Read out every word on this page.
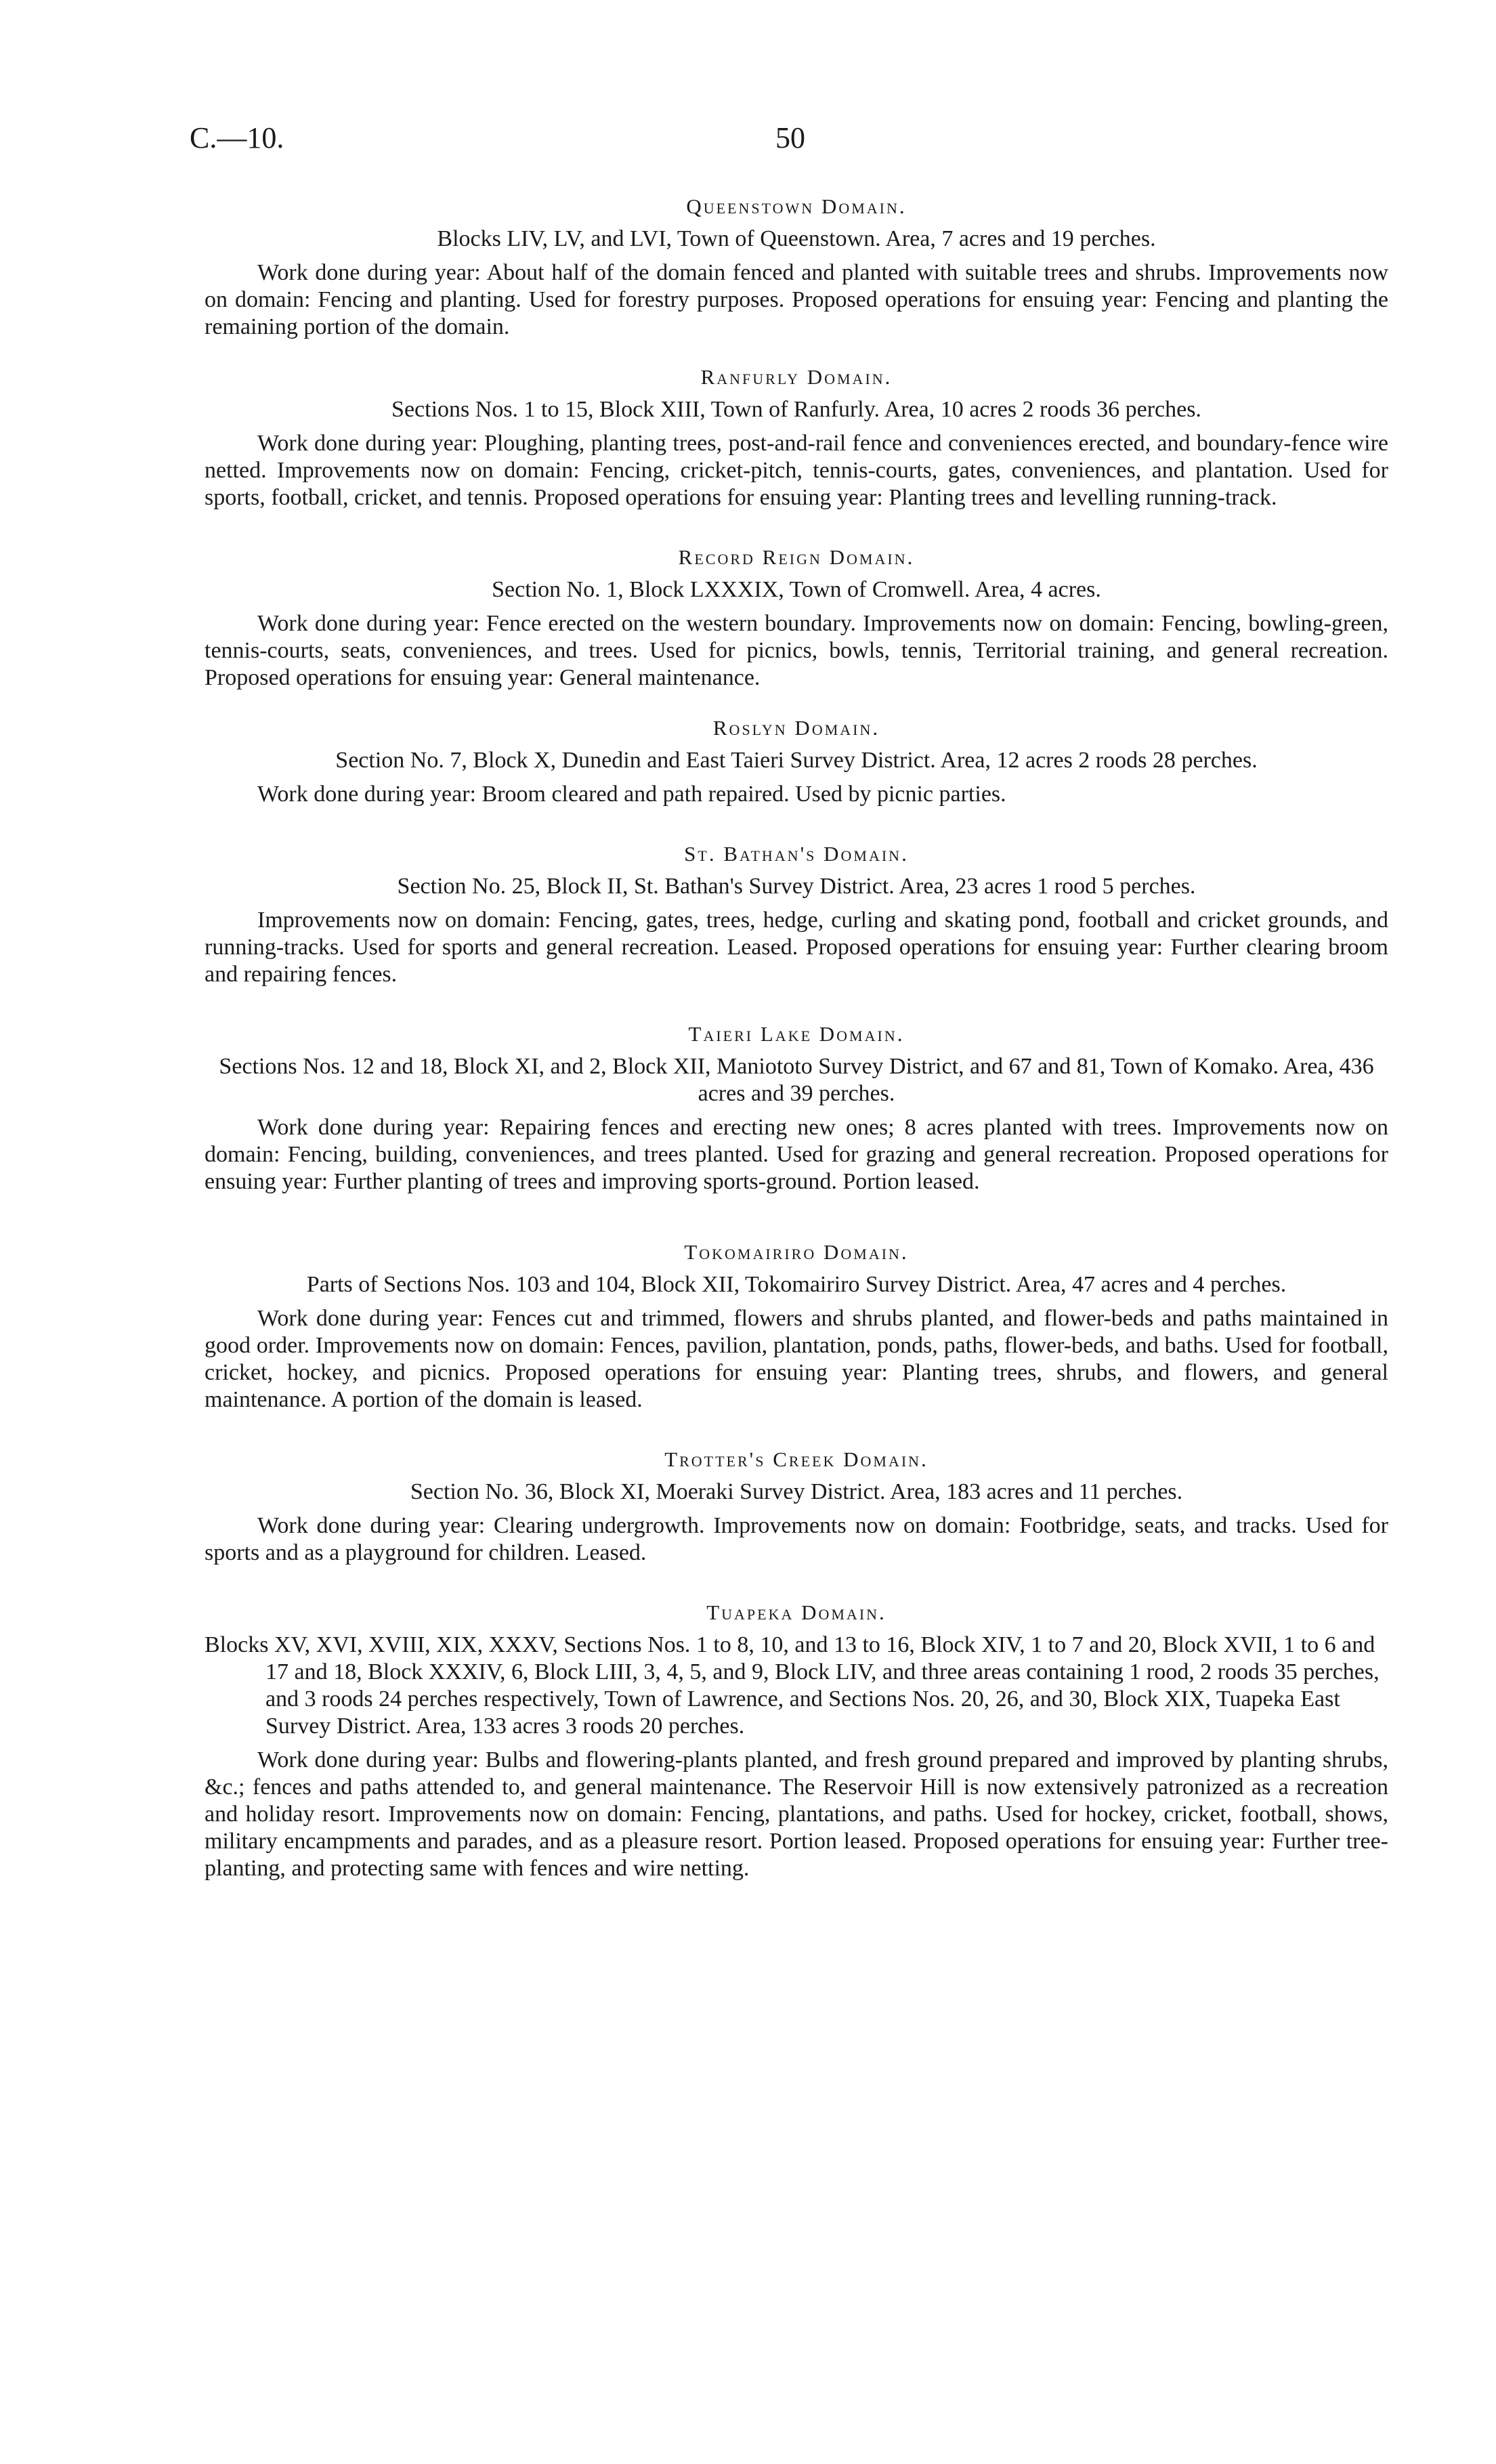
C.—10.	50
Queenstown Domain.

Blocks LIV, LV, and LVI, Town of Queenstown. Area, 7 acres and 19 perches.

Work done during year: About half of the domain fenced and planted with suitable trees and shrubs. Improvements now on domain: Fencing and planting. Used for forestry purposes. Proposed operations for ensuing year: Fencing and planting the remaining portion of the domain.

Ranfurly Domain.

Sections Nos. 1 to 15, Block XIII, Town of Ranfurly. Area, 10 acres 2 roods 36 perches.

Work done during year: Ploughing, planting trees, post-and-rail fence and conveniences erected, and boundary-fence wire netted. Improvements now on domain: Fencing, cricket-pitch, tennis-courts, gates, conveniences, and plantation. Used for sports, football, cricket, and tennis. Proposed operations for ensuing year: Planting trees and levelling running-track.

Record Reign Domain.

Section No. 1, Block LXXXIX, Town of Cromwell. Area, 4 acres.

Work done during year: Fence erected on the western boundary. Improvements now on domain: Fencing, bowling-green, tennis-courts, seats, conveniences, and trees. Used for picnics, bowls, tennis, Territorial training, and general recreation. Proposed operations for ensuing year: General maintenance.

Roslyn Domain.

Section No. 7, Block X, Dunedin and East Taieri Survey District. Area, 12 acres 2 roods 28 perches.

Work done during year: Broom cleared and path repaired. Used by picnic parties.

St. Bathan's Domain.

Section No. 25, Block II, St. Bathan's Survey District. Area, 23 acres 1 rood 5 perches.

Improvements now on domain: Fencing, gates, trees, hedge, curling and skating pond, football and cricket grounds, and running-tracks. Used for sports and general recreation. Leased. Proposed operations for ensuing year: Further clearing broom and repairing fences.

Taieri Lake Domain.

Sections Nos. 12 and 18, Block XI, and 2, Block XII, Maniototo Survey District, and 67 and 81, Town of Komako. Area, 436 acres and 39 perches.

Work done during year: Repairing fences and erecting new ones; 8 acres planted with trees. Improvements now on domain: Fencing, building, conveniences, and trees planted. Used for grazing and general recreation. Proposed operations for ensuing year: Further planting of trees and improving sports-ground. Portion leased.

Tokomairiro Domain.

Parts of Sections Nos. 103 and 104, Block XII, Tokomairiro Survey District. Area, 47 acres and 4 perches.

Work done during year: Fences cut and trimmed, flowers and shrubs planted, and flower-beds and paths maintained in good order. Improvements now on domain: Fences, pavilion, plantation, ponds, paths, flower-beds, and baths. Used for football, cricket, hockey, and picnics. Proposed operations for ensuing year: Planting trees, shrubs, and flowers, and general maintenance. A portion of the domain is leased.

Trotter's Creek Domain.

Section No. 36, Block XI, Moeraki Survey District. Area, 183 acres and 11 perches.

Work done during year: Clearing undergrowth. Improvements now on domain: Footbridge, seats, and tracks. Used for sports and as a playground for children. Leased.

Tuapeka Domain.

Blocks XV, XVI, XVIII, XIX, XXXV, Sections Nos. 1 to 8, 10, and 13 to 16, Block XIV, 1 to 7 and 20, Block XVII, 1 to 6 and 17 and 18, Block XXXIV, 6, Block LIII, 3, 4, 5, and 9, Block LIV, and three areas containing 1 rood, 2 roods 35 perches, and 3 roods 24 perches respectively, Town of Lawrence, and Sections Nos. 20, 26, and 30, Block XIX, Tuapeka East Survey District. Area, 133 acres 3 roods 20 perches.

Work done during year: Bulbs and flowering-plants planted, and fresh ground prepared and improved by planting shrubs, &c.; fences and paths attended to, and general maintenance. The Reservoir Hill is now extensively patronized as a recreation and holiday resort. Improvements now on domain: Fencing, plantations, and paths. Used for hockey, cricket, football, shows, military encampments and parades, and as a pleasure resort. Portion leased. Proposed operations for ensuing year: Further tree-planting, and protecting same with fences and wire netting.
